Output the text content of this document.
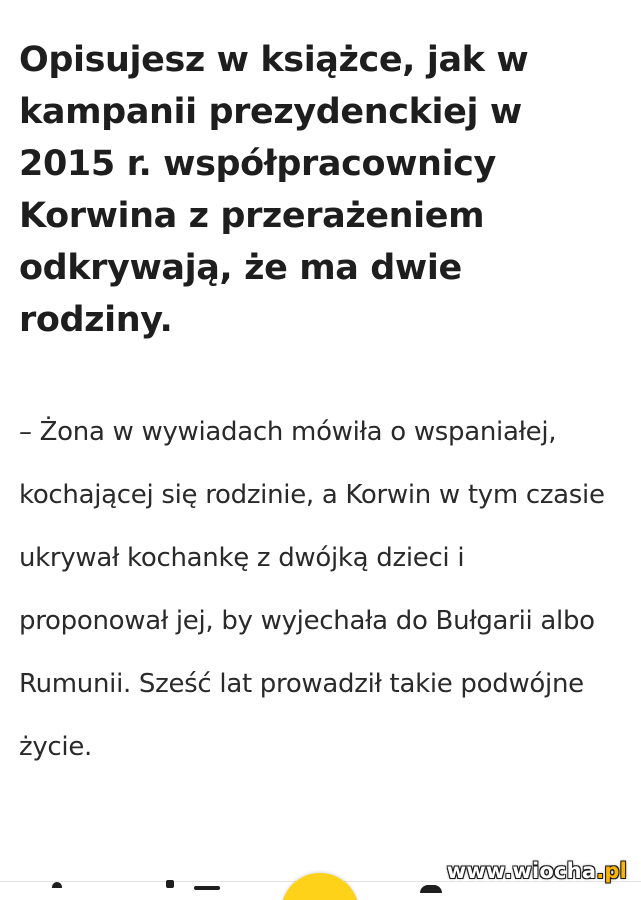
Opisujesz w książce, jak w kampanii prezydenckiej w 2015 r. współpracownicy Korwina z przerażeniem odkrywają, że ma dwie rodziny.

– Żona w wywiadach mówiła o wspaniałej, kochającej się rodzinie, a Korwin w tym czasie ukrywał kochankę z dwójką dzieci i proponował jej, by wyjechała do Bułgarii albo Rumunii. Sześć lat prowadził takie podwójne życie.

www.wiocha.pl
